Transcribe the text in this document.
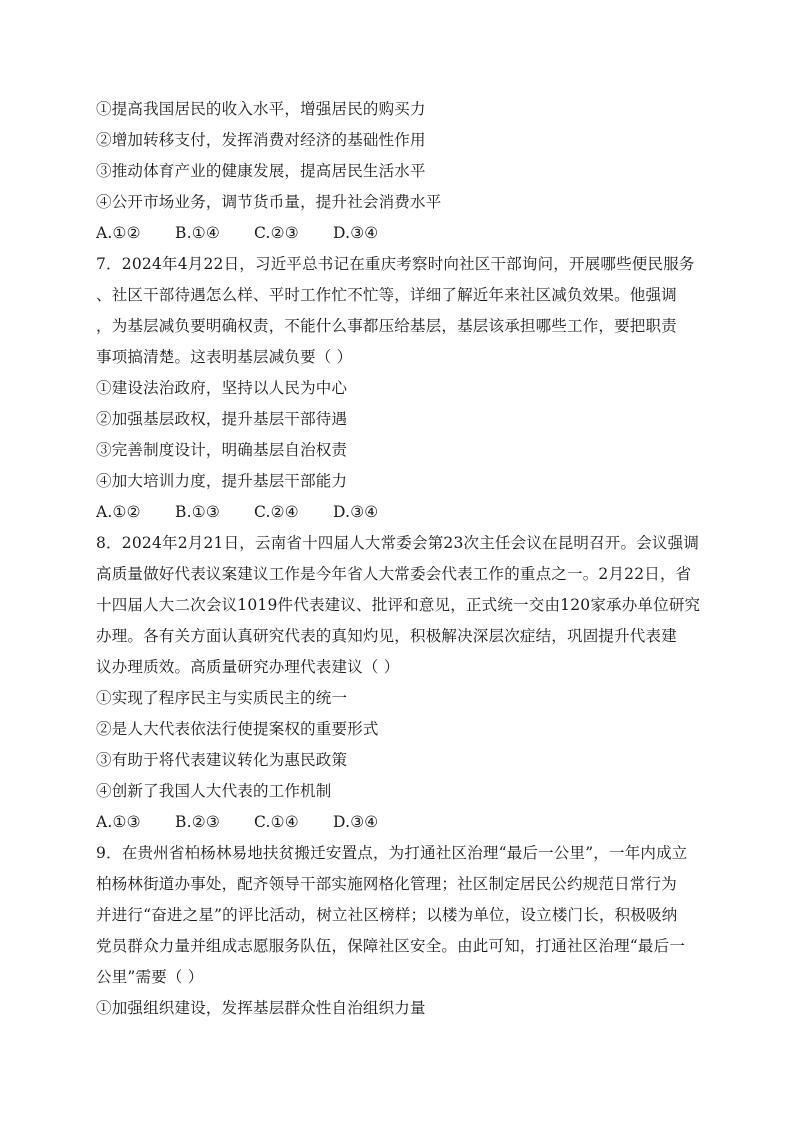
①提高我国居民的收入水平，增强居民的购买力
②增加转移支付，发挥消费对经济的基础性作用
③推动体育产业的健康发展，提高居民生活水平
④公开市场业务，调节货币量，提升社会消费水平
A.①②	B.①④	C.②③	D.③④
7．2024年4月22日，习近平总书记在重庆考察时向社区干部询问，开展哪些便民服务
、社区干部待遇怎么样、平时工作忙不忙等，详细了解近年来社区减负效果。他强调
，为基层减负要明确权责，不能什么事都压给基层，基层该承担哪些工作，要把职责
事项搞清楚。这表明基层减负要（ ）
①建设法治政府，坚持以人民为中心
②加强基层政权，提升基层干部待遇
③完善制度设计，明确基层自治权责
④加大培训力度，提升基层干部能力
A.①②	B.①③	C.②④	D.③④
8．2024年2月21日，云南省十四届人大常委会第23次主任会议在昆明召开。会议强调
高质量做好代表议案建议工作是今年省人大常委会代表工作的重点之一。2月22日，省
十四届人大二次会议1019件代表建议、批评和意见，正式统一交由120家承办单位研究
办理。各有关方面认真研究代表的真知灼见，积极解决深层次症结，巩固提升代表建
议办理质效。高质量研究办理代表建议（ ）
①实现了程序民主与实质民主的统一
②是人大代表依法行使提案权的重要形式
③有助于将代表建议转化为惠民政策
④创新了我国人大代表的工作机制
A.①③	B.②③	C.①④	D.③④
9．在贵州省柏杨林易地扶贫搬迁安置点，为打通社区治理“最后一公里”，一年内成立
柏杨林街道办事处，配齐领导干部实施网格化管理；社区制定居民公约规范日常行为
并进行“奋进之星”的评比活动，树立社区榜样；以楼为单位，设立楼门长，积极吸纳
党员群众力量并组成志愿服务队伍，保障社区安全。由此可知，打通社区治理“最后一
公里”需要（ ）
①加强组织建设，发挥基层群众性自治组织力量
